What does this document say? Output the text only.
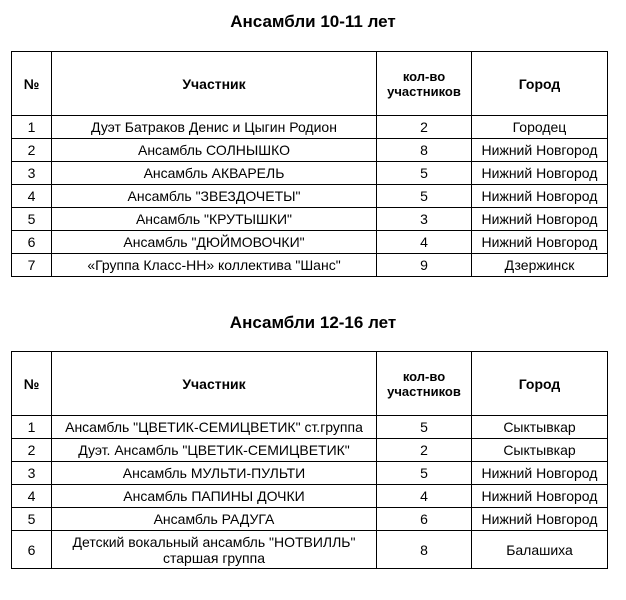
Ансамбли 10-11 лет
№	Участник	кол-во участников	Город
1	Дуэт Батраков Денис и Цыгин Родион	2	Городец
2	Ансамбль СОЛНЫШКО	8	Нижний Новгород
3	Ансамбль АКВАРЕЛЬ	5	Нижний Новгород
4	Ансамбль "ЗВЕЗДОЧЕТЫ"	5	Нижний Новгород
5	Ансамбль "КРУТЫШКИ"	3	Нижний Новгород
6	Ансамбль "ДЮЙМОВОЧКИ"	4	Нижний Новгород
7	«Группа Класс-НН» коллектива "Шанс"	9	Дзержинск
Ансамбли 12-16 лет
№	Участник	кол-во участников	Город
1	Ансамбль "ЦВЕТИК-СЕМИЦВЕТИК" ст.группа	5	Сыктывкар
2	Дуэт. Ансамбль "ЦВЕТИК-СЕМИЦВЕТИК"	2	Сыктывкар
3	Ансамбль МУЛЬТИ-ПУЛЬТИ	5	Нижний Новгород
4	Ансамбль ПАПИНЫ ДОЧКИ	4	Нижний Новгород
5	Ансамбль РАДУГА	6	Нижний Новгород
6	Детский вокальный ансамбль "НОТВИЛЛЬ" старшая группа	8	Балашиха
